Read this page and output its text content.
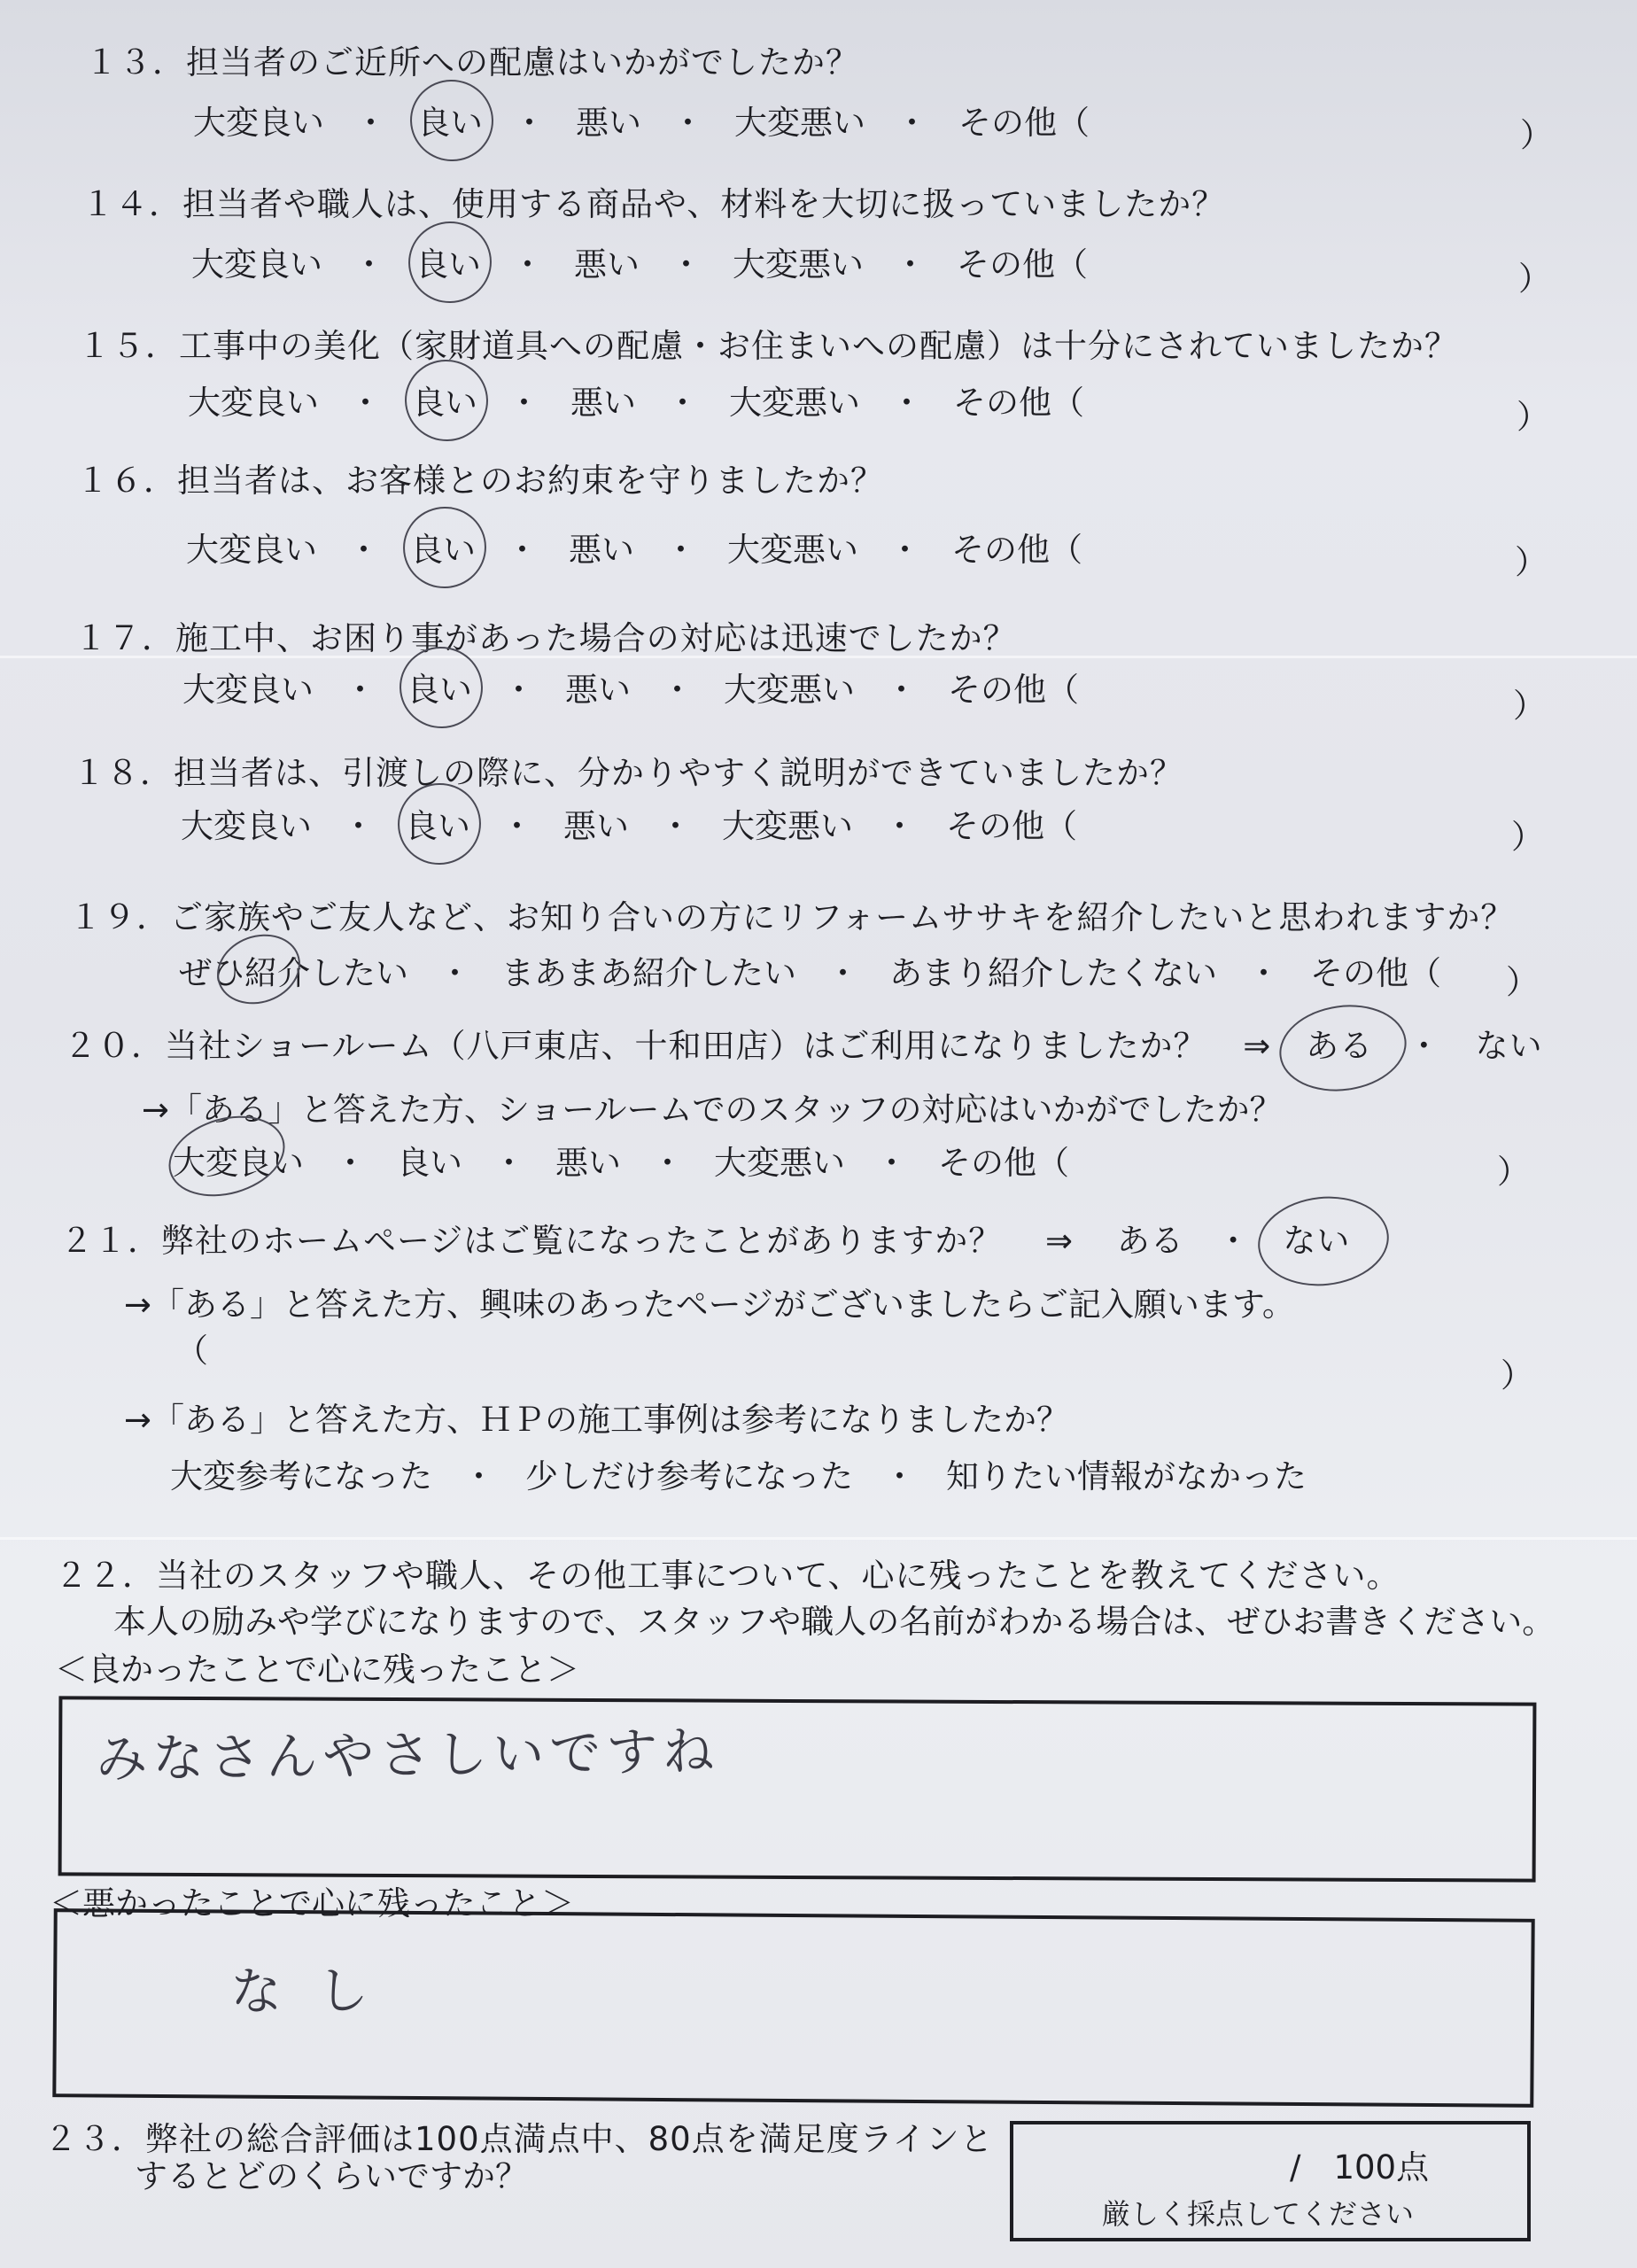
１３．担当者のご近所への配慮はいかがでしたか？
大変良い ・ 良い ・ 悪い ・ 大変悪い ・ その他（	）
１４．担当者や職人は、使用する商品や、材料を大切に扱っていましたか？
大変良い ・ 良い ・ 悪い ・ 大変悪い ・ その他（	）
１５．工事中の美化（家財道具への配慮・お住まいへの配慮）は十分にされていましたか？
大変良い ・ 良い ・ 悪い ・ 大変悪い ・ その他（	）
１６．担当者は、お客様とのお約束を守りましたか？
大変良い ・ 良い ・ 悪い ・ 大変悪い ・ その他（	）
１７．施工中、お困り事があった場合の対応は迅速でしたか？
大変良い ・ 良い ・ 悪い ・ 大変悪い ・ その他（	）
１８．担当者は、引渡しの際に、分かりやすく説明ができていましたか？
大変良い ・ 良い ・ 悪い ・ 大変悪い ・ その他（	）
１９．ご家族やご友人など、お知り合いの方にリフォームササキを紹介したいと思われますか？
ぜひ紹介したい ・ まあまあ紹介したい ・ あまり紹介したくない ・ その他（ ）
２０．当社ショールーム（八戸東店、十和田店）はご利用になりましたか？ ⇒ ある ・ ない
→「ある」と答えた方、ショールームでのスタッフの対応はいかがでしたか？
大変良い ・ 良い ・ 悪い ・ 大変悪い ・ その他（	）
２１．弊社のホームページはご覧になったことがありますか？ ⇒ ある ・ ない
→「ある」と答えた方、興味のあったページがございましたらご記入願います。
（
）
→「ある」と答えた方、ＨＰの施工事例は参考になりましたか？
大変参考になった ・ 少しだけ参考になった ・ 知りたい情報がなかった
２２．当社のスタッフや職人、その他工事について、心に残ったことを教えてください。
本人の励みや学びになりますので、スタッフや職人の名前がわかる場合は、ぜひお書きください。
＜良かったことで心に残ったこと＞
みなさんやさしいですね
＜悪かったことで心に残ったこと＞
なし
２３．弊社の総合評価は100点満点中、80点を満足度ラインと
するとどのくらいですか？	/　100点
厳しく採点してください
